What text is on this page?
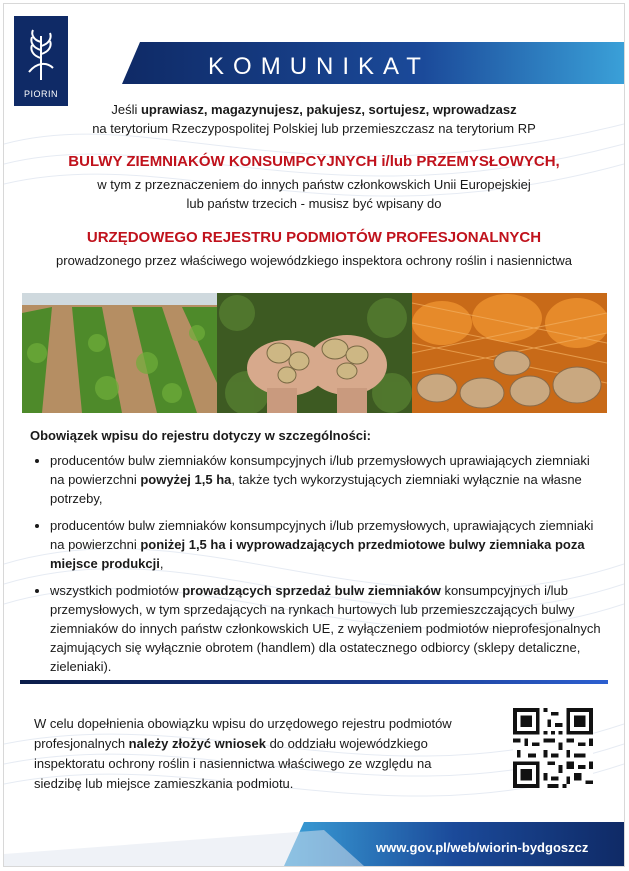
PIORIN
KOMUNIKAT
Jeśli uprawiasz, magazynujesz, pakujesz, sortujesz, wprowadzasz
na terytorium Rzeczypospolitej Polskiej lub przemieszczasz na terytorium RP
BULWY ZIEMNIAKÓW KONSUMPCYJNYCH i/lub PRZEMYSŁOWYCH,
w tym z przeznaczeniem do innych państw członkowskich Unii Europejskiej
lub państw trzecich - musisz być wpisany do
URZĘDOWEGO REJESTRU PODMIOTÓW PROFESJONALNYCH
prowadzonego przez właściwego wojewódzkiego inspektora ochrony roślin i nasiennictwa
Obowiązek wpisu do rejestru dotyczy w szczególności:
• producentów bulw ziemniaków konsumpcyjnych i/lub przemysłowych uprawiających ziemniaki na powierzchni powyżej 1,5 ha, także tych wykorzystujących ziemniaki wyłącznie na własne potrzeby,
• producentów bulw ziemniaków konsumpcyjnych i/lub przemysłowych, uprawiających ziemniaki na powierzchni poniżej 1,5 ha i wyprowadzających przedmiotowe bulwy ziemniaka poza miejsce produkcji,
• wszystkich podmiotów prowadzących sprzedaż bulw ziemniaków konsumpcyjnych i/lub przemysłowych, w tym sprzedających na rynkach hurtowych lub przemieszczających bulwy ziemniaków do innych państw członkowskich UE, z wyłączeniem podmiotów nieprofesjonalnych zajmujących się wyłącznie obrotem (handlem) dla ostatecznego odbiorcy (sklepy detaliczne, zieleniaki).
W celu dopełnienia obowiązku wpisu do urzędowego rejestru podmiotów profesjonalnych należy złożyć wniosek do oddziału wojewódzkiego inspektoratu ochrony roślin i nasiennictwa właściwego ze względu na siedzibę lub miejsce zamieszkania podmiotu.
www.gov.pl/web/wiorin-bydgoszcz
